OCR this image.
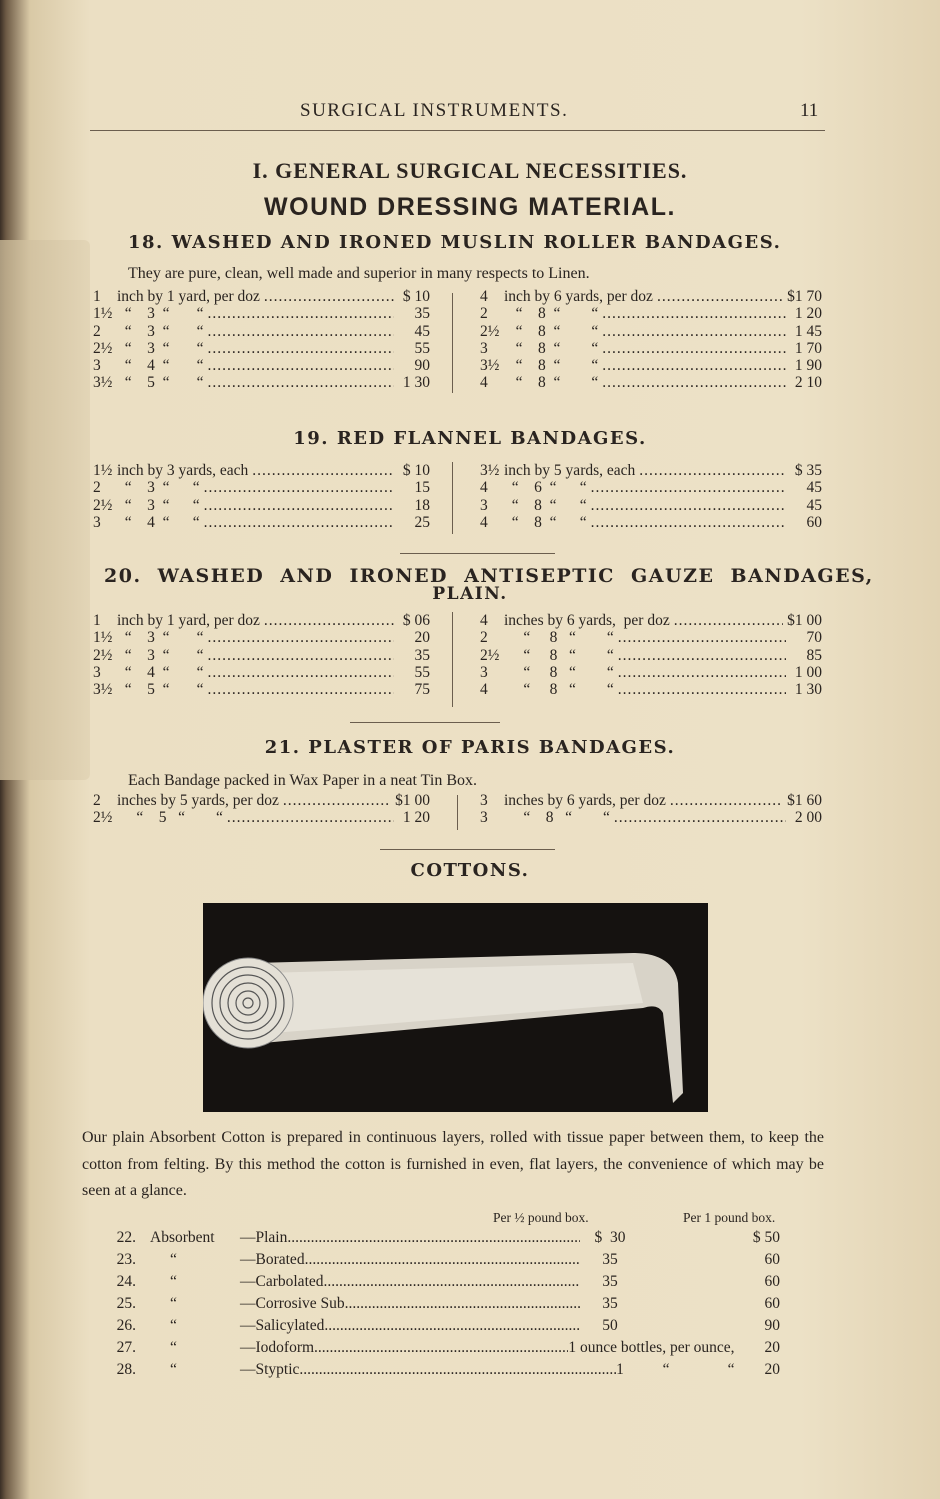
SURGICAL INSTRUMENTS.	11
I. GENERAL SURGICAL NECESSITIES.
WOUND DRESSING MATERIAL.
18. WASHED AND IRONED MUSLIN ROLLER BANDAGES.
They are pure, clean, well made and superior in many respects to Linen.
1	inch by 1 yard, per doz .....	$ 10
1½ “    3  “       “ .....	35
2	“    3  “       “ .....	45
2½ “    3  “       “ .....	55
3	“    4  “       “ .....	90
3½ “    5  “       “ .....	1 30
4	inch by 6 yards, per doz .....	$1 70
2	“    8  “        “ .....	1 20
2½ “    8  “        “ .....	1 45
3	“    8  “        “ .....	1 70
3½ “    8  “        “ .....	1 90
4	“    8  “        “ .....	2 10
19. RED FLANNEL BANDAGES.
1½ inch by 3 yards, each .....	$ 10
2	“    3  “      “ .....	15
2½ “    3  “      “ .....	18
3	“    4  “      “ .....	25
3½ inch by 5 yards, each .....	$ 35
4	“    6  “      “ .....	45
3	“    8  “      “ .....	45
4	“    8  “      “ .....	60
20. WASHED AND IRONED ANTISEPTIC GAUZE BANDAGES,
PLAIN.
1	inch by 1 yard, per doz .....	$ 06
1½ “    3  “       “ .....	20
2½ “    3  “       “ .....	35
3	“    4  “       “ .....	55
3½ “    5  “       “ .....	75
4	inches by 6 yards,  per doz .....	$1 00
2	“     8   “        “ .....	70
2½ “     8   “        “ .....	85
3	“     8   “        “ .....	1 00
4	“     8   “        “ .....	1 30
21. PLASTER OF PARIS BANDAGES.
Each Bandage packed in Wax Paper in a neat Tin Box.
2	inches by 5 yards, per doz .....	$1 00
2½ “    5   “        “ .....	1 20
3	inches by 6 yards, per doz .....	$1 60
3	“    8   “        “ .....	2 00
COTTONS.
Our plain Absorbent Cotton is prepared in continuous layers, rolled with tissue paper between them, to keep the cotton from felting. By this method the cotton is furnished in even, flat layers, the convenience of which may be seen at a glance.
Per ½ pound box.	Per 1 pound box.
22. Absorbent	—Plain .....	$  30	$ 50
23.	“	—Borated .....	35	60
24.	“	—Carbolated .....	35	60
25.	“	—Corrosive Sub. .....	35	60
26.	“	—Salicylated .....	50	90
27.	“	—Iodoform .....	1 ounce bottles, per ounce,	20
28.	“	—Styptic .....	1          “               “	20
